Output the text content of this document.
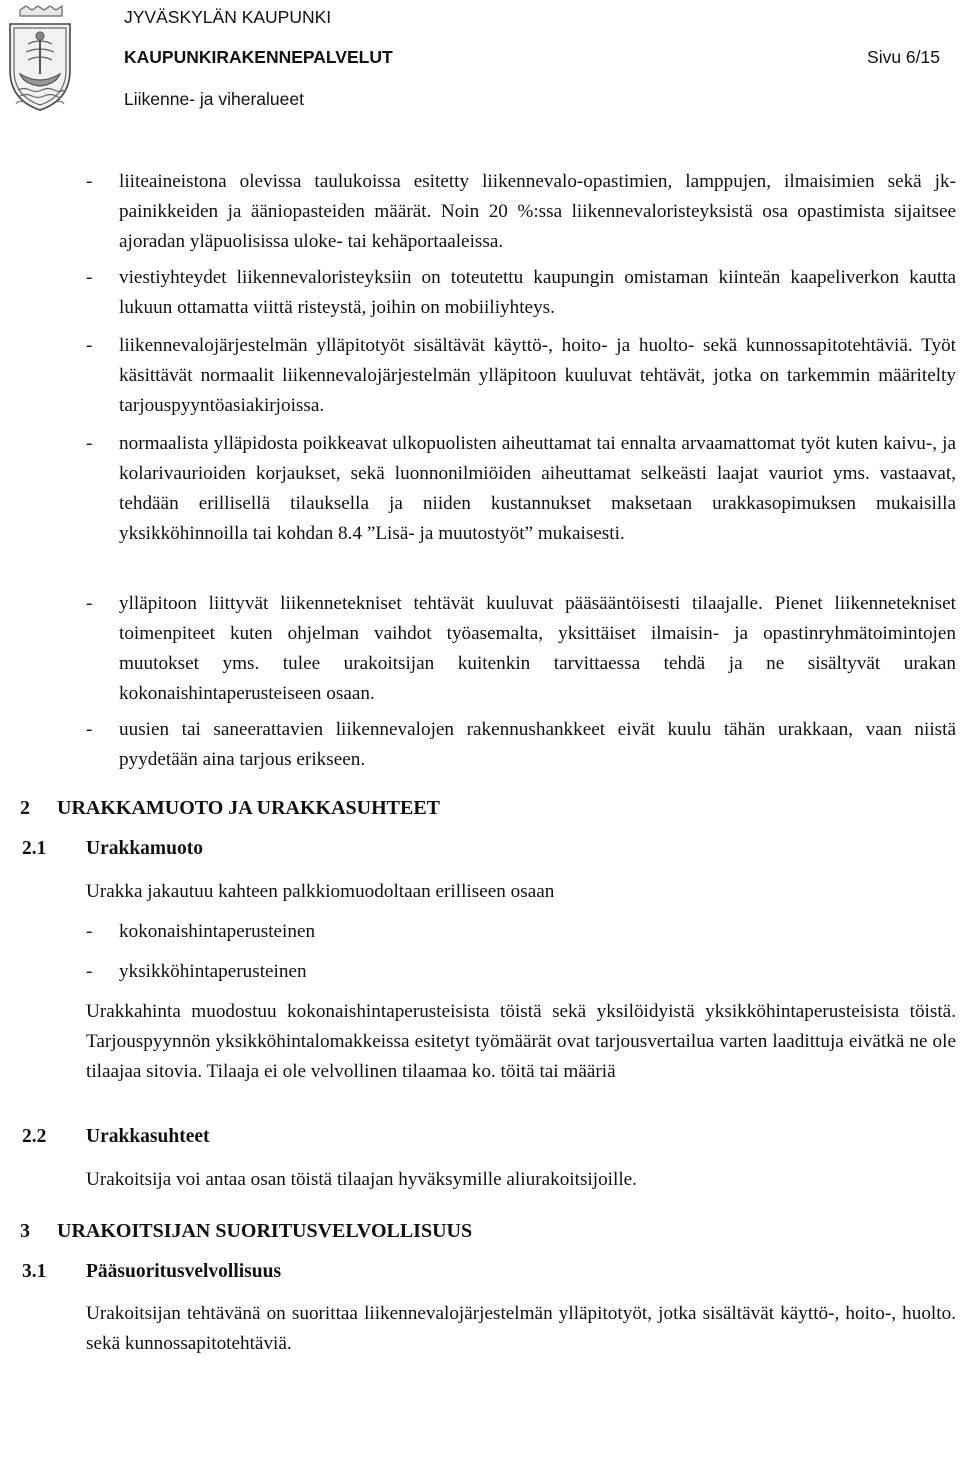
JYVÄSKYLÄN KAUPUNKI
KAUPUNKIRAKENNEPALVELUT
Liikenne- ja viheralueet
Sivu 6/15
- liiteaineistona olevissa taulukoissa esitetty liikennevalo-opastimien, lamppujen, ilmaisimien sekä jk-painikkeiden ja ääniopasteiden määrät. Noin 20 %:ssa liikennevaloristeyksistä osa opastimista sijaitsee ajoradan yläpuolisissa uloke- tai kehäportaaleissa.
- viestiyhteydet liikennevaloristeyksiin on toteutettu kaupungin omistaman kiinteän kaapeliverkon kautta lukuun ottamatta viittä risteystä, joihin on mobiiliyhteys.
- liikennevalojärjestelmän ylläpitotyöt sisältävät käyttö-, hoito- ja huolto- sekä kunnossapitotehtäviä. Työt käsittävät normaalit liikennevalojärjestelmän ylläpitoon kuuluvat tehtävät, jotka on tarkemmin määritelty tarjouspyyntöasiakirjoissa.
- normaalista ylläpidosta poikkeavat ulkopuolisten aiheuttamat tai ennalta arvaamattomat työt kuten kaivu-, ja kolarivaurioiden korjaukset, sekä luonnonilmiöiden aiheuttamat selkeästi laajat vauriot yms. vastaavat, tehdään erillisellä tilauksella ja niiden kustannukset maksetaan urakkasopimuksen mukaisilla yksikköhinnoilla tai kohdan 8.4 ”Lisä- ja muutostyöt” mukaisesti.
- ylläpitoon liittyvät liikennetekniset tehtävät kuuluvat pääsääntöisesti tilaajalle. Pienet liikennetekniset toimenpiteet kuten ohjelman vaihdot työasemalta, yksittäiset ilmaisin- ja opastinryhmätoimintojen muutokset yms. tulee urakoitsijan kuitenkin tarvittaessa tehdä ja ne sisältyvät urakan kokonaishintaperusteiseen osaan.
- uusien tai saneerattavien liikennevalojen rakennushankkeet eivät kuulu tähän urakkaan, vaan niistä pyydetään aina tarjous erikseen.
2 URAKKAMUOTO JA URAKKASUHTEET
2.1 Urakkamuoto
Urakka jakautuu kahteen palkkiomuodoltaan erilliseen osaan
- kokonaishintaperusteinen
- yksikköhintaperusteinen
Urakkahinta muodostuu kokonaishintaperusteisista töistä sekä yksilöidyistä yksikköhintaperusteisista töistä. Tarjouspyynnön yksikköhintalomakkeissa esitetyt työmäärät ovat tarjousvertailua varten laadittuja eivätkä ne ole tilaajaa sitovia. Tilaaja ei ole velvollinen tilaamaa ko. töitä tai määriä
2.2 Urakkasuhteet
Urakoitsija voi antaa osan töistä tilaajan hyväksymille aliurakoitsijoille.
3 URAKOITSIJAN SUORITUSVELVOLLISUUS
3.1 Pääsuoritusvelvollisuus
Urakoitsijan tehtävänä on suorittaa liikennevalojärjestelmän ylläpitotyöt, jotka sisältävät käyttö-, hoito-, huolto. sekä kunnossapitotehtäviä.
